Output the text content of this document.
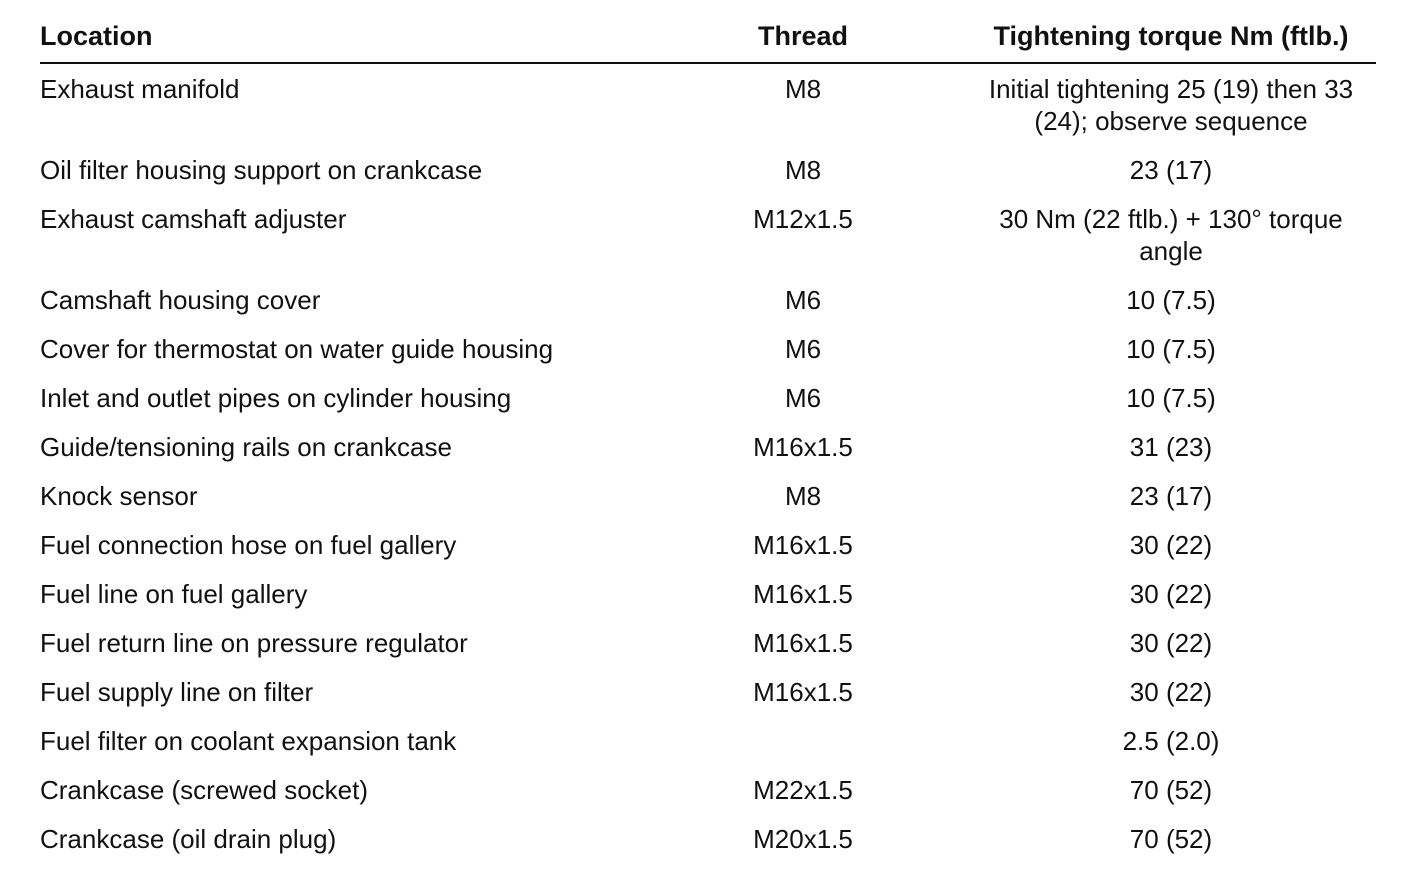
Location	Thread	Tightening torque Nm (ftlb.)
Exhaust manifold	M8	Initial tightening 25 (19) then 33 (24); observe sequence
Oil filter housing support on crankcase	M8	23 (17)
Exhaust camshaft adjuster	M12x1.5	30 Nm (22 ftlb.) + 130° torque angle
Camshaft housing cover	M6	10 (7.5)
Cover for thermostat on water guide housing	M6	10 (7.5)
Inlet and outlet pipes on cylinder housing	M6	10 (7.5)
Guide/tensioning rails on crankcase	M16x1.5	31 (23)
Knock sensor	M8	23 (17)
Fuel connection hose on fuel gallery	M16x1.5	30 (22)
Fuel line on fuel gallery	M16x1.5	30 (22)
Fuel return line on pressure regulator	M16x1.5	30 (22)
Fuel supply line on filter	M16x1.5	30 (22)
Fuel filter on coolant expansion tank		2.5 (2.0)
Crankcase (screwed socket)	M22x1.5	70 (52)
Crankcase (oil drain plug)	M20x1.5	70 (52)
